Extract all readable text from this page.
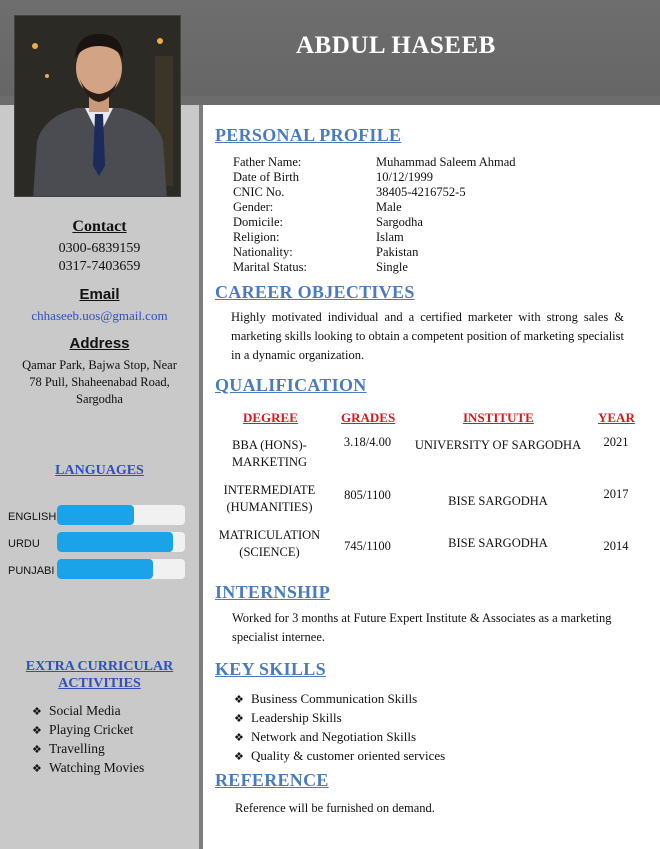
ABDUL HASEEB
Contact
0300-6839159
0317-7403659
Email
chhaseeb.uos@gmail.com
Address
Qamar Park, Bajwa Stop, Near
78 Pull, Shaheenabad Road,
Sargodha
LANGUAGES
ENGLISH
URDU
PUNJABI
EXTRA CURRICULAR
ACTIVITIES
❖ Social Media
❖ Playing Cricket
❖ Travelling
❖ Watching Movies
PERSONAL PROFILE
Father Name:	Muhammad Saleem Ahmad
Date of Birth	10/12/1999
CNIC No.	38405-4216752-5
Gender:	Male
Domicile:	Sargodha
Religion:	Islam
Nationality:	Pakistan
Marital Status:	Single
CAREER OBJECTIVES
Highly motivated individual and a certified marketer with strong sales & marketing skills looking to obtain a competent position of marketing specialist in a dynamic organization.
QUALIFICATION
DEGREE	GRADES	INSTITUTE	YEAR
BBA (HONS)-
MARKETING
3.18/4.00	UNIVERSITY OF SARGODHA	2021
INTERMEDIATE
(HUMANITIES)
805/1100	BISE SARGODHA	2017
MATRICULATION
(SCIENCE)	745/1100	BISE SARGODHA	2014
INTERNSHIP
Worked for 3 months at Future Expert Institute & Associates as a marketing specialist internee.
KEY SKILLS
❖ Business Communication Skills
❖ Leadership Skills
❖ Network and Negotiation Skills
❖ Quality & customer oriented services
REFERENCE
Reference will be furnished on demand.
